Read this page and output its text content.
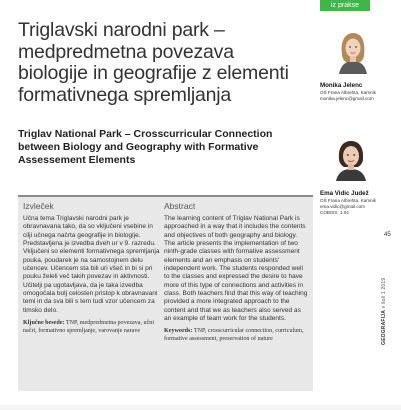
iz prakse
Triglavski narodni park – medpredmetna povezava biologije in geografije z elementi formativnega spremljanja
Triglav National Park – Crosscurricular Connection between Biology and Geography with Formative Assessement Elements
Monika Jelenc
OŠ Frana Albrehta, Kamnik
monika.jelenc@gmail.com
Ema Vidic Judež
OŠ Frana Albrehta, Kamnik
ema.vidic@gmail.com
COBISS: 1.04
Izvleček
Učna tema Triglavski narodni park je obravnavana tako, da so vključeni vsebine in cilji učnega načrta geografije in biologije. Predstavljena je izvedba dveh ur v 9. razredu. Vključeni so elementi formativnega spremljanja pouka, poudarek je na samostojnem delu učencev. Učencem sta bili uri všeč in bi si pri pouku želeli več takih povezav in aktivnosti. Učitelji pa ugotavljava, da je taka izvedba omogočala bolj celosten pristop k obravnavani temi in da sva bili s tem tudi vzor učencem za timsko delo.
Ključne besede: TNP, medpredmetna povezava, učni načrt, formativno spremljanje, varovanje narave
Abstract
The learning content of Triglav National Park is approached in a way that it includes the contents and objectives of both geography and biology. The article presents the implementation of two ninth-grade classes with formative assessment elements and an emphasis on students' independent work. The students responded well to the classes and expressed the desire to have more of this type of connections and activities in class. Both teachers find that this way of teaching provided a more integrated approach to the content and that we as teachers also served as an example of team work for the students.
Keywords: TNP, crosscurricular connection, curriculum, formative assessment, preservation of nature
45
GEOGRAFIJA v šoli 1 2019
